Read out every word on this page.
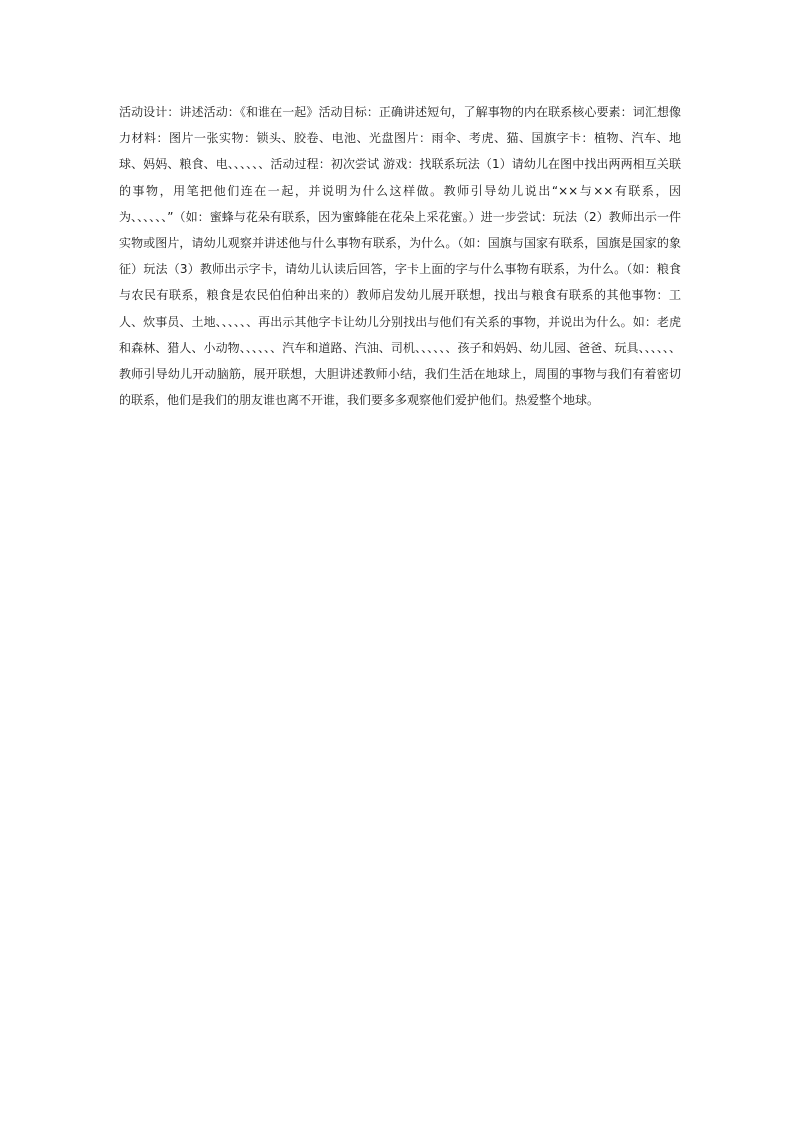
活动设计：讲述活动：《和谁在一起》活动目标：正确讲述短句，了解事物的内在联系核心要素：词汇想像力材料：图片一张实物：锁头、胶卷、电池、光盘图片：雨伞、考虎、猫、国旗字卡：植物、汽车、地球、妈妈、粮食、电、、、、、、活动过程：初次尝试 游戏：找联系玩法（1）请幼儿在图中找出两两相互关联的事物，用笔把他们连在一起，并说明为什么这样做。教师引导幼儿说出“××与××有联系，因为、、、、、、”（如：蜜蜂与花朵有联系，因为蜜蜂能在花朵上采花蜜。）进一步尝试：玩法（2）教师出示一件实物或图片，请幼儿观察并讲述他与什么事物有联系，为什么。（如：国旗与国家有联系，国旗是国家的象征）玩法（3）教师出示字卡，请幼儿认读后回答，字卡上面的字与什么事物有联系，为什么。（如：粮食与农民有联系，粮食是农民伯伯种出来的）教师启发幼儿展开联想，找出与粮食有联系的其他事物：工人、炊事员、土地、、、、、、再出示其他字卡让幼儿分别找出与他们有关系的事物，并说出为什么。如：老虎和森林、猎人、小动物、、、、、、汽车和道路、汽油、司机、、、、、、孩子和妈妈、幼儿园、爸爸、玩具、、、、、、教师引导幼儿开动脑筋，展开联想，大胆讲述教师小结，我们生活在地球上，周围的事物与我们有着密切的联系，他们是我们的朋友谁也离不开谁，我们要多多观察他们爱护他们。热爱整个地球。
